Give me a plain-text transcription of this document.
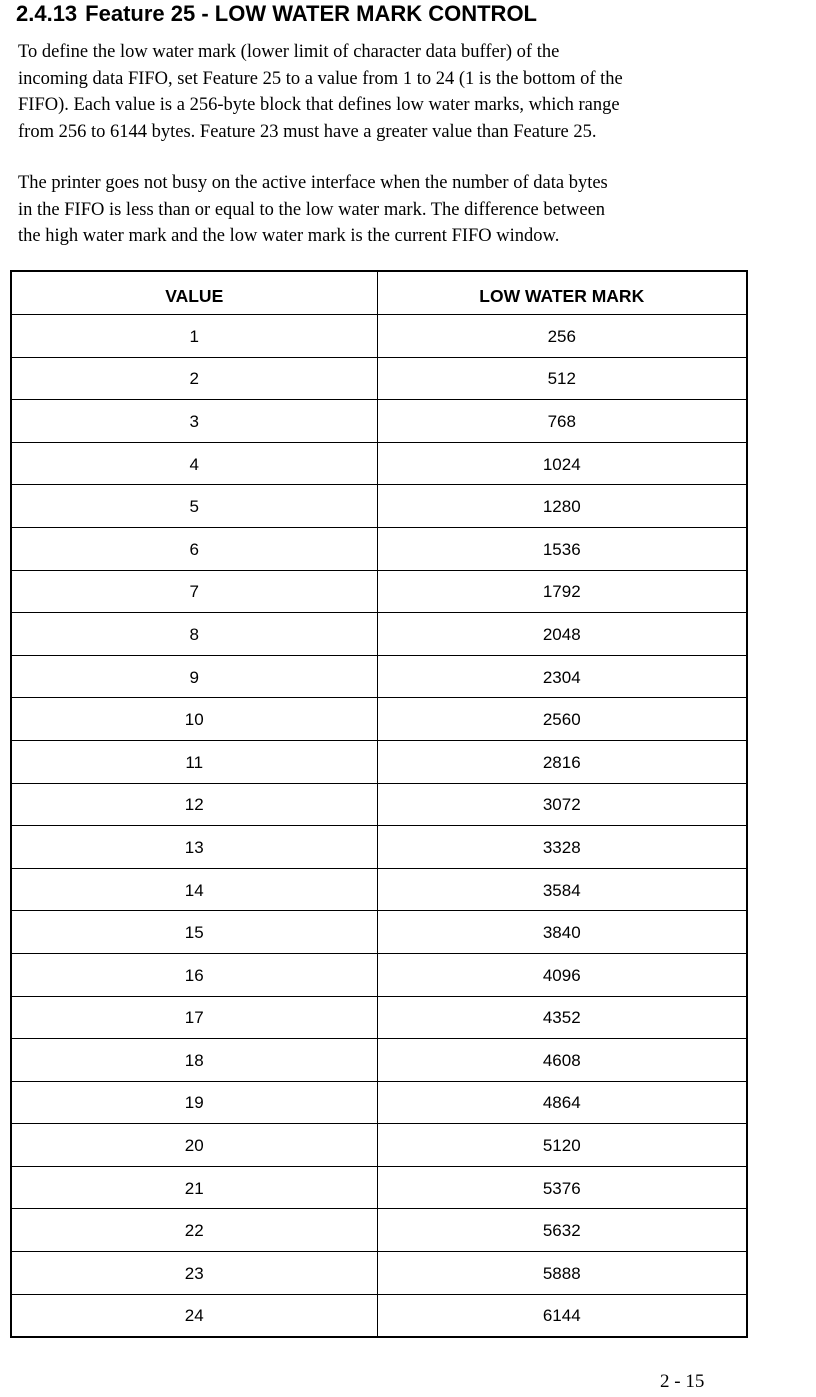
2.4.13 Feature 25 - LOW WATER MARK CONTROL
To define the low water mark (lower limit of character data buffer) of the
incoming data FIFO, set Feature 25 to a value from 1 to 24 (1 is the bottom of the
FIFO). Each value is a 256-byte block that defines low water marks, which range
from 256 to 6144 bytes. Feature 23 must have a greater value than Feature 25.
The printer goes not busy on the active interface when the number of data bytes
in the FIFO is less than or equal to the low water mark. The difference between
the high water mark and the low water mark is the current FIFO window.
VALUE	LOW WATER MARK
1	256
2	512
3	768
4	1024
5	1280
6	1536
7	1792
8	2048
9	2304
10	2560
11	2816
12	3072
13	3328
14	3584
15	3840
16	4096
17	4352
18	4608
19	4864
20	5120
21	5376
22	5632
23	5888
24	6144
2 - 15
